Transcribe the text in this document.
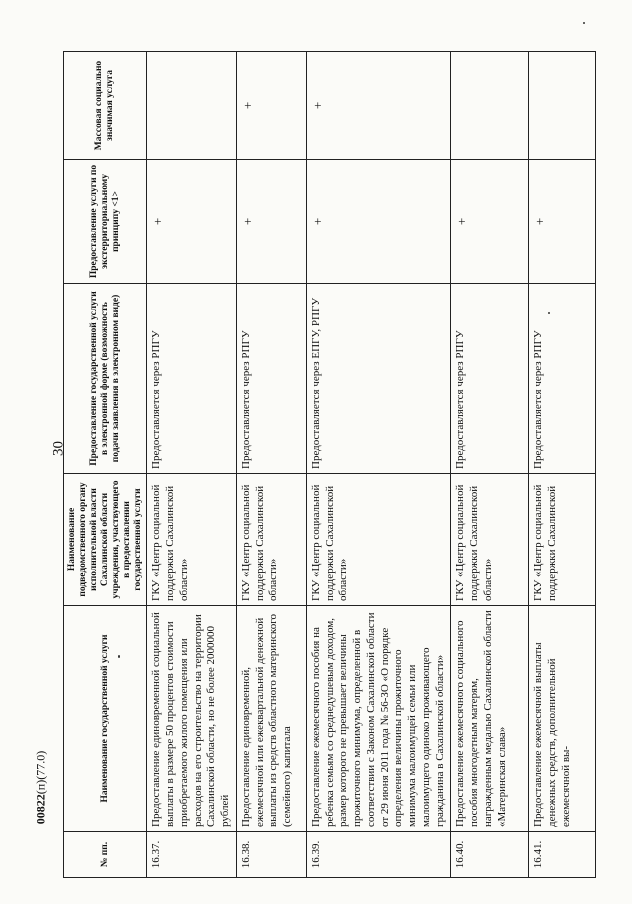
30
№ пп.	Наименование государственной услуги	Наименование подведомственного органу исполнительной власти Сахалинской области учреждения, участвующего в предоставлении государственной услуги	Предоставление государственной услуги в электронной форме (возможность подачи заявления в электронном виде)	Предоставление услуги по экстерриториальному принципу <1>	Массовая социально значимая услуга
16.37.	Предоставление единовременной социальной выплаты в размере 50 процентов стоимости приобретаемого жилого помещения или расходов на его строительство на территории Сахалинской области, но не более 2000000 рублей	ГКУ «Центр социальной поддержки Сахалинской области»	Предоставляется через РПГУ	+	
16.38.	Предоставление единовременной, ежемесячной или ежеквартальной денежной выплаты из средств областного материнского (семейного) капитала	ГКУ «Центр социальной поддержки Сахалинской области»	Предоставляется через РПГУ	+	+
16.39.	Предоставление ежемесячного пособия на ребенка семьям со среднедушевым доходом, размер которого не превышает величины прожиточного минимума, определенной в соответствии с Законом Сахалинской области от 29 июня 2011 года № 56-ЗО «О порядке определения величины прожиточного минимума малоимущей семьи или малоимущего одиноко проживающего гражданина в Сахалинской области»	ГКУ «Центр социальной поддержки Сахалинской области»	Предоставляется через ЕПГУ, РПГУ	+	+
16.40.	Предоставление ежемесячного социального пособия многодетным матерям, награжденным медалью Сахалинской области «Материнская слава»	ГКУ «Центр социальной поддержки Сахалинской области»	Предоставляется через РПГУ	+	
16.41.	Предоставление ежемесячной выплаты денежных средств, дополнительной ежемесячной вы-	ГКУ «Центр социальной поддержки Сахалинской	Предоставляется через РПГУ	+	
00822(п)(77.0)
